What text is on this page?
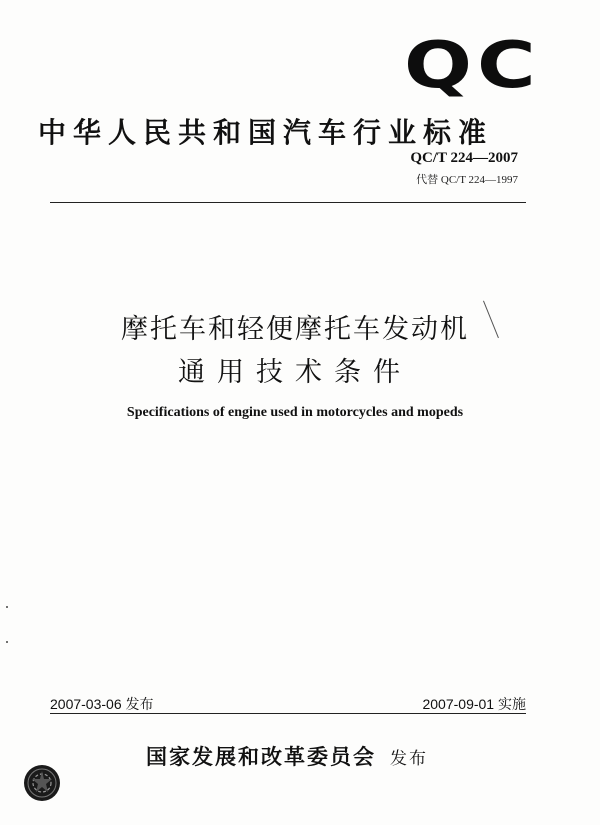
Q C
中华人民共和国汽车行业标准
QC/T 224—2007
代替 QC/T 224—1997
摩托车和轻便摩托车发动机
通用技术条件
Specifications of engine used in motorcycles and mopeds
2007-03-06 发布	2007-09-01 实施
国家发展和改革委员会 发布
